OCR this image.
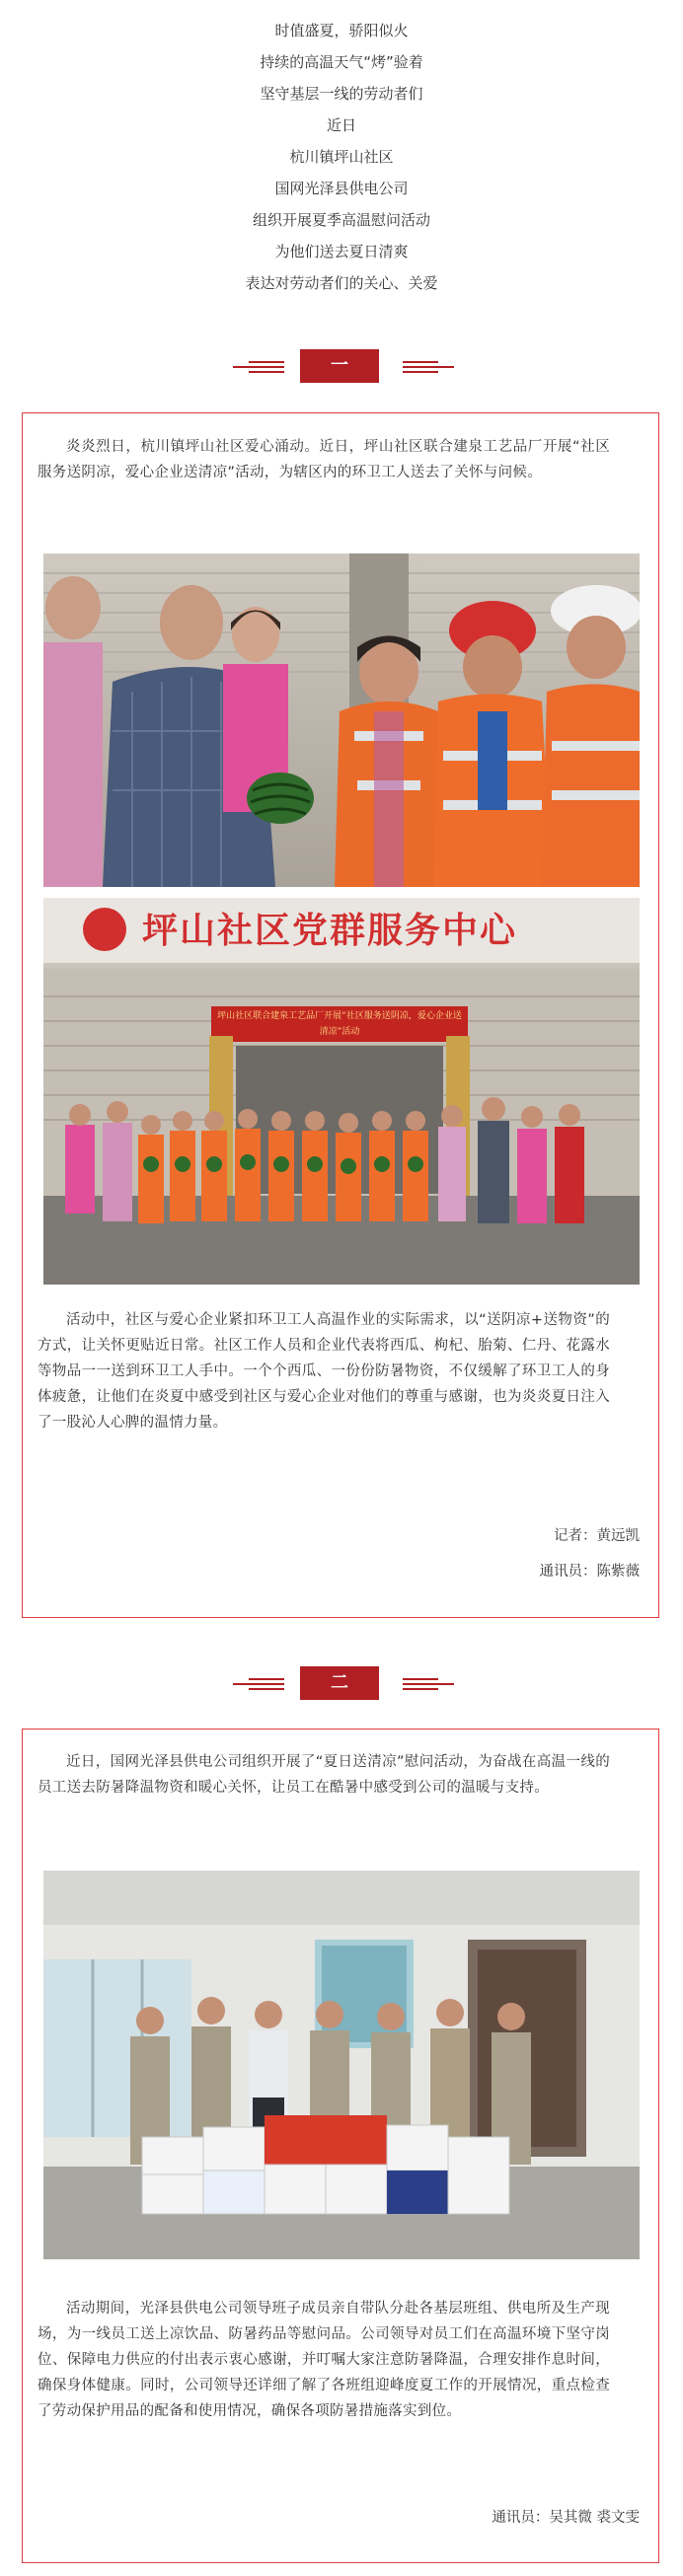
时值盛夏，骄阳似火
持续的高温天气“烤”验着
坚守基层一线的劳动者们
近日
杭川镇坪山社区
国网光泽县供电公司
组织开展夏季高温慰问活动
为他们送去夏日清爽
表达对劳动者们的关心、关爱
一
炎炎烈日，杭川镇坪山社区爱心涌动。近日，坪山社区联合建泉工艺品厂开展“社区服务送阴凉，爱心企业送清凉”活动，为辖区内的环卫工人送去了关怀与问候。
坪山社区党群服务中心
坪山社区联合建泉工艺品厂开展“社区服务送阴凉，爱心企业送清凉”活动
活动中，社区与爱心企业紧扣环卫工人高温作业的实际需求，以“送阴凉+送物资”的方式，让关怀更贴近日常。社区工作人员和企业代表将西瓜、枸杞、胎菊、仁丹、花露水等物品一一送到环卫工人手中。一个个西瓜、一份份防暑物资，不仅缓解了环卫工人的身体疲惫，让他们在炎夏中感受到社区与爱心企业对他们的尊重与感谢，也为炎炎夏日注入了一股沁人心脾的温情力量。
记者：黄远凯
通讯员：陈紫薇
二
近日，国网光泽县供电公司组织开展了“夏日送清凉”慰问活动，为奋战在高温一线的员工送去防暑降温物资和暖心关怀，让员工在酷暑中感受到公司的温暖与支持。
活动期间，光泽县供电公司领导班子成员亲自带队分赴各基层班组、供电所及生产现场，为一线员工送上凉饮品、防暑药品等慰问品。公司领导对员工们在高温环境下坚守岗位、保障电力供应的付出表示衷心感谢，并叮嘱大家注意防暑降温，合理安排作息时间，确保身体健康。同时，公司领导还详细了解了各班组迎峰度夏工作的开展情况，重点检查了劳动保护用品的配备和使用情况，确保各项防暑措施落实到位。
通讯员：吴其微 裘文雯
